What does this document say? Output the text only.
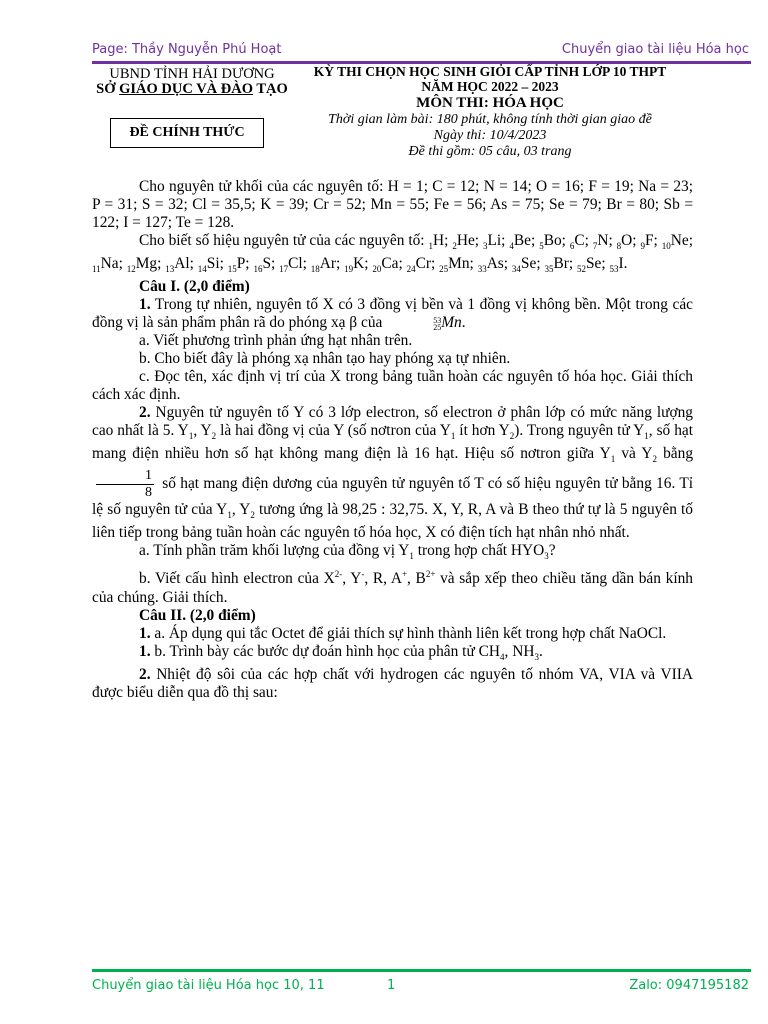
Page: Thầy Nguyễn Phú Hoạt	Chuyển giao tài liệu Hóa học
UBND TỈNH HẢI DƯƠNG
SỞ GIÁO DỤC VÀ ĐÀO TẠO
ĐỀ CHÍNH THỨC
KỲ THI CHỌN HỌC SINH GIỎI CẤP TỈNH LỚP 10 THPT
NĂM HỌC 2022 – 2023
MÔN THI: HÓA HỌC
Thời gian làm bài: 180 phút, không tính thời gian giao đề
Ngày thi: 10/4/2023
Đề thi gồm: 05 câu, 03 trang

Cho nguyên tử khối của các nguyên tố: H = 1; C = 12; N = 14; O = 16; F = 19; Na = 23; P = 31; S = 32; Cl = 35,5; K = 39; Cr = 52; Mn = 55; Fe = 56; As = 75; Se = 79; Br = 80; Sb = 122; I = 127; Te = 128.

Cho biết số hiệu nguyên tử của các nguyên tố: $_1$H; $_2$He; $_3$Li; $_4$Be; $_5$Bo; $_6$C; $_7$N; $_8$O; $_9$F; $_{10}$Ne; $_{11}$Na; $_{12}$Mg; $_{13}$Al; $_{14}$Si; $_{15}$P; $_{16}$S; $_{17}$Cl; $_{18}$Ar; $_{19}$K; $_{20}$Ca; $_{24}$Cr; $_{25}$Mn; $_{33}$As; $_{34}$Se; $_{35}$Br; $_{52}$Se; $_{53}$I.

Câu I. (2,0 điểm)

1. Trong tự nhiên, nguyên tố X có 3 đồng vị bền và 1 đồng vị không bền. Một trong các đồng vị là sản phẩm phân rã do phóng xạ β của	53
25Mn.

a. Viết phương trình phản ứng hạt nhân trên.

b. Cho biết đây là phóng xạ nhân tạo hay phóng xạ tự nhiên.

c. Đọc tên, xác định vị trí của X trong bảng tuần hoàn các nguyên tố hóa học. Giải thích cách xác định.

2. Nguyên tử nguyên tố Y có 3 lớp electron, số electron ở phân lớp có mức năng lượng cao nhất là 5. $Y_1$, $Y_2$ là hai đồng vị của Y (số nơtron của $Y_1$ ít hơn $Y_2$). Trong nguyên tử $Y_1$, số hạt mang điện nhiều hơn số hạt không mang điện là 16 hạt. Hiệu số nơtron giữa $Y_1$ và $Y_2$ bằng
$\frac{1}{8}$ số hạt mang điện dương của nguyên tử nguyên tố T có số hiệu nguyên tử bằng 16. Tỉ lệ số nguyên tử của $Y_1$, $Y_2$ tương ứng là 98,25 : 32,75. X, Y, R, A và B theo thứ tự là 5 nguyên tố liên tiếp trong bảng tuần hoàn các nguyên tố hóa học, X có điện tích hạt nhân nhỏ nhất.

a. Tính phần trăm khối lượng của đồng vị $Y_1$ trong hợp chất $HYO_3$?

b. Viết cấu hình electron của $X^{2-}$, Y-, R, A+, $B^{2+}$ và sắp xếp theo chiều tăng dần bán kính của chúng. Giải thích.

Câu II. (2,0 điểm)

1. a. Áp dụng qui tắc Octet để giải thích sự hình thành liên kết trong hợp chất NaOCl.

1. b. Trình bày các bước dự đoán hình học của phân tử $CH_4$, $NH_3$.

2. Nhiệt độ sôi của các hợp chất với hydrogen các nguyên tố nhóm VA, VIA và VIIA được biểu diễn qua đồ thị sau:

Chuyển giao tài liệu Hóa học 10, 11	1	Zalo: 0947195182
